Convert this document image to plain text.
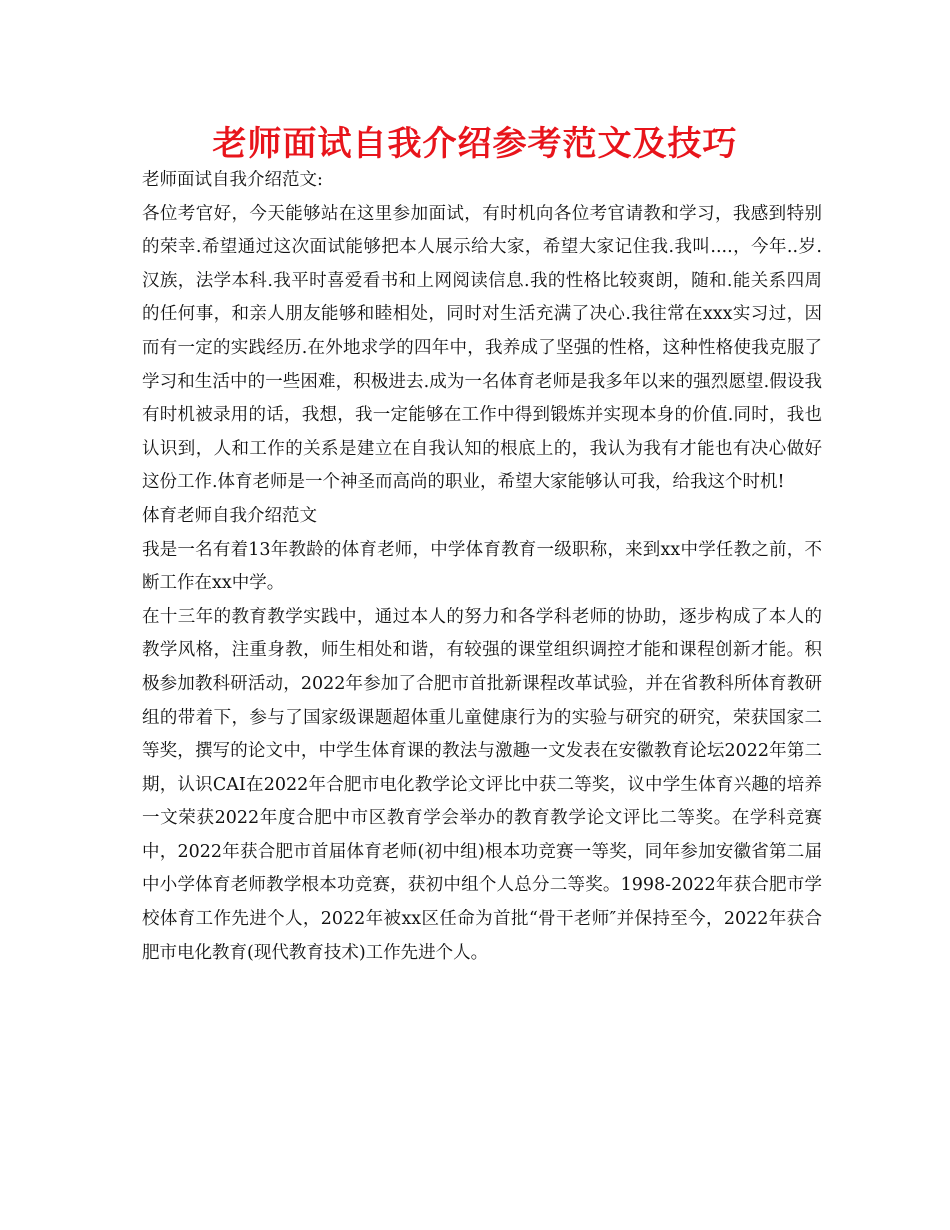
老师面试自我介绍参考范文及技巧

老师面试自我介绍范文:

各位考官好，今天能够站在这里参加面试，有时机向各位考官请教和学习，我感到特别的荣幸.希望通过这次面试能够把本人展示给大家，希望大家记住我.我叫....，今年..岁.汉族，法学本科.我平时喜爱看书和上网阅读信息.我的性格比较爽朗，随和.能关系四周的任何事，和亲人朋友能够和睦相处，同时对生活充满了决心.我往常在xxx实习过，因而有一定的实践经历.在外地求学的四年中，我养成了坚强的性格，这种性格使我克服了学习和生活中的一些困难，积极进去.成为一名体育老师是我多年以来的强烈愿望.假设我有时机被录用的话，我想，我一定能够在工作中得到锻炼并实现本身的价值.同时，我也认识到，人和工作的关系是建立在自我认知的根底上的，我认为我有才能也有决心做好这份工作.体育老师是一个神圣而高尚的职业，希望大家能够认可我，给我这个时机!

体育老师自我介绍范文

我是一名有着13年教龄的体育老师，中学体育教育一级职称，来到xx中学任教之前，不断工作在xx中学。

在十三年的教育教学实践中，通过本人的努力和各学科老师的协助，逐步构成了本人的教学风格，注重身教，师生相处和谐，有较强的课堂组织调控才能和课程创新才能。积极参加教科研活动，2022年参加了合肥市首批新课程改革试验，并在省教科所体育教研组的带着下，参与了国家级课题超体重儿童健康行为的实验与研究的研究，荣获国家二等奖，撰写的论文中，中学生体育课的教法与激趣一文发表在安徽教育论坛2022年第二期，认识CAI在2022年合肥市电化教学论文评比中获二等奖，议中学生体育兴趣的培养一文荣获2022年度合肥中市区教育学会举办的教育教学论文评比二等奖。在学科竞赛中，2022年获合肥市首届体育老师(初中组)根本功竞赛一等奖，同年参加安徽省第二届中小学体育老师教学根本功竞赛，获初中组个人总分二等奖。1998-2022年获合肥市学校体育工作先进个人，2022年被xx区任命为首批“骨干老师″并保持至今，2022年获合肥市电化教育(现代教育技术)工作先进个人。
